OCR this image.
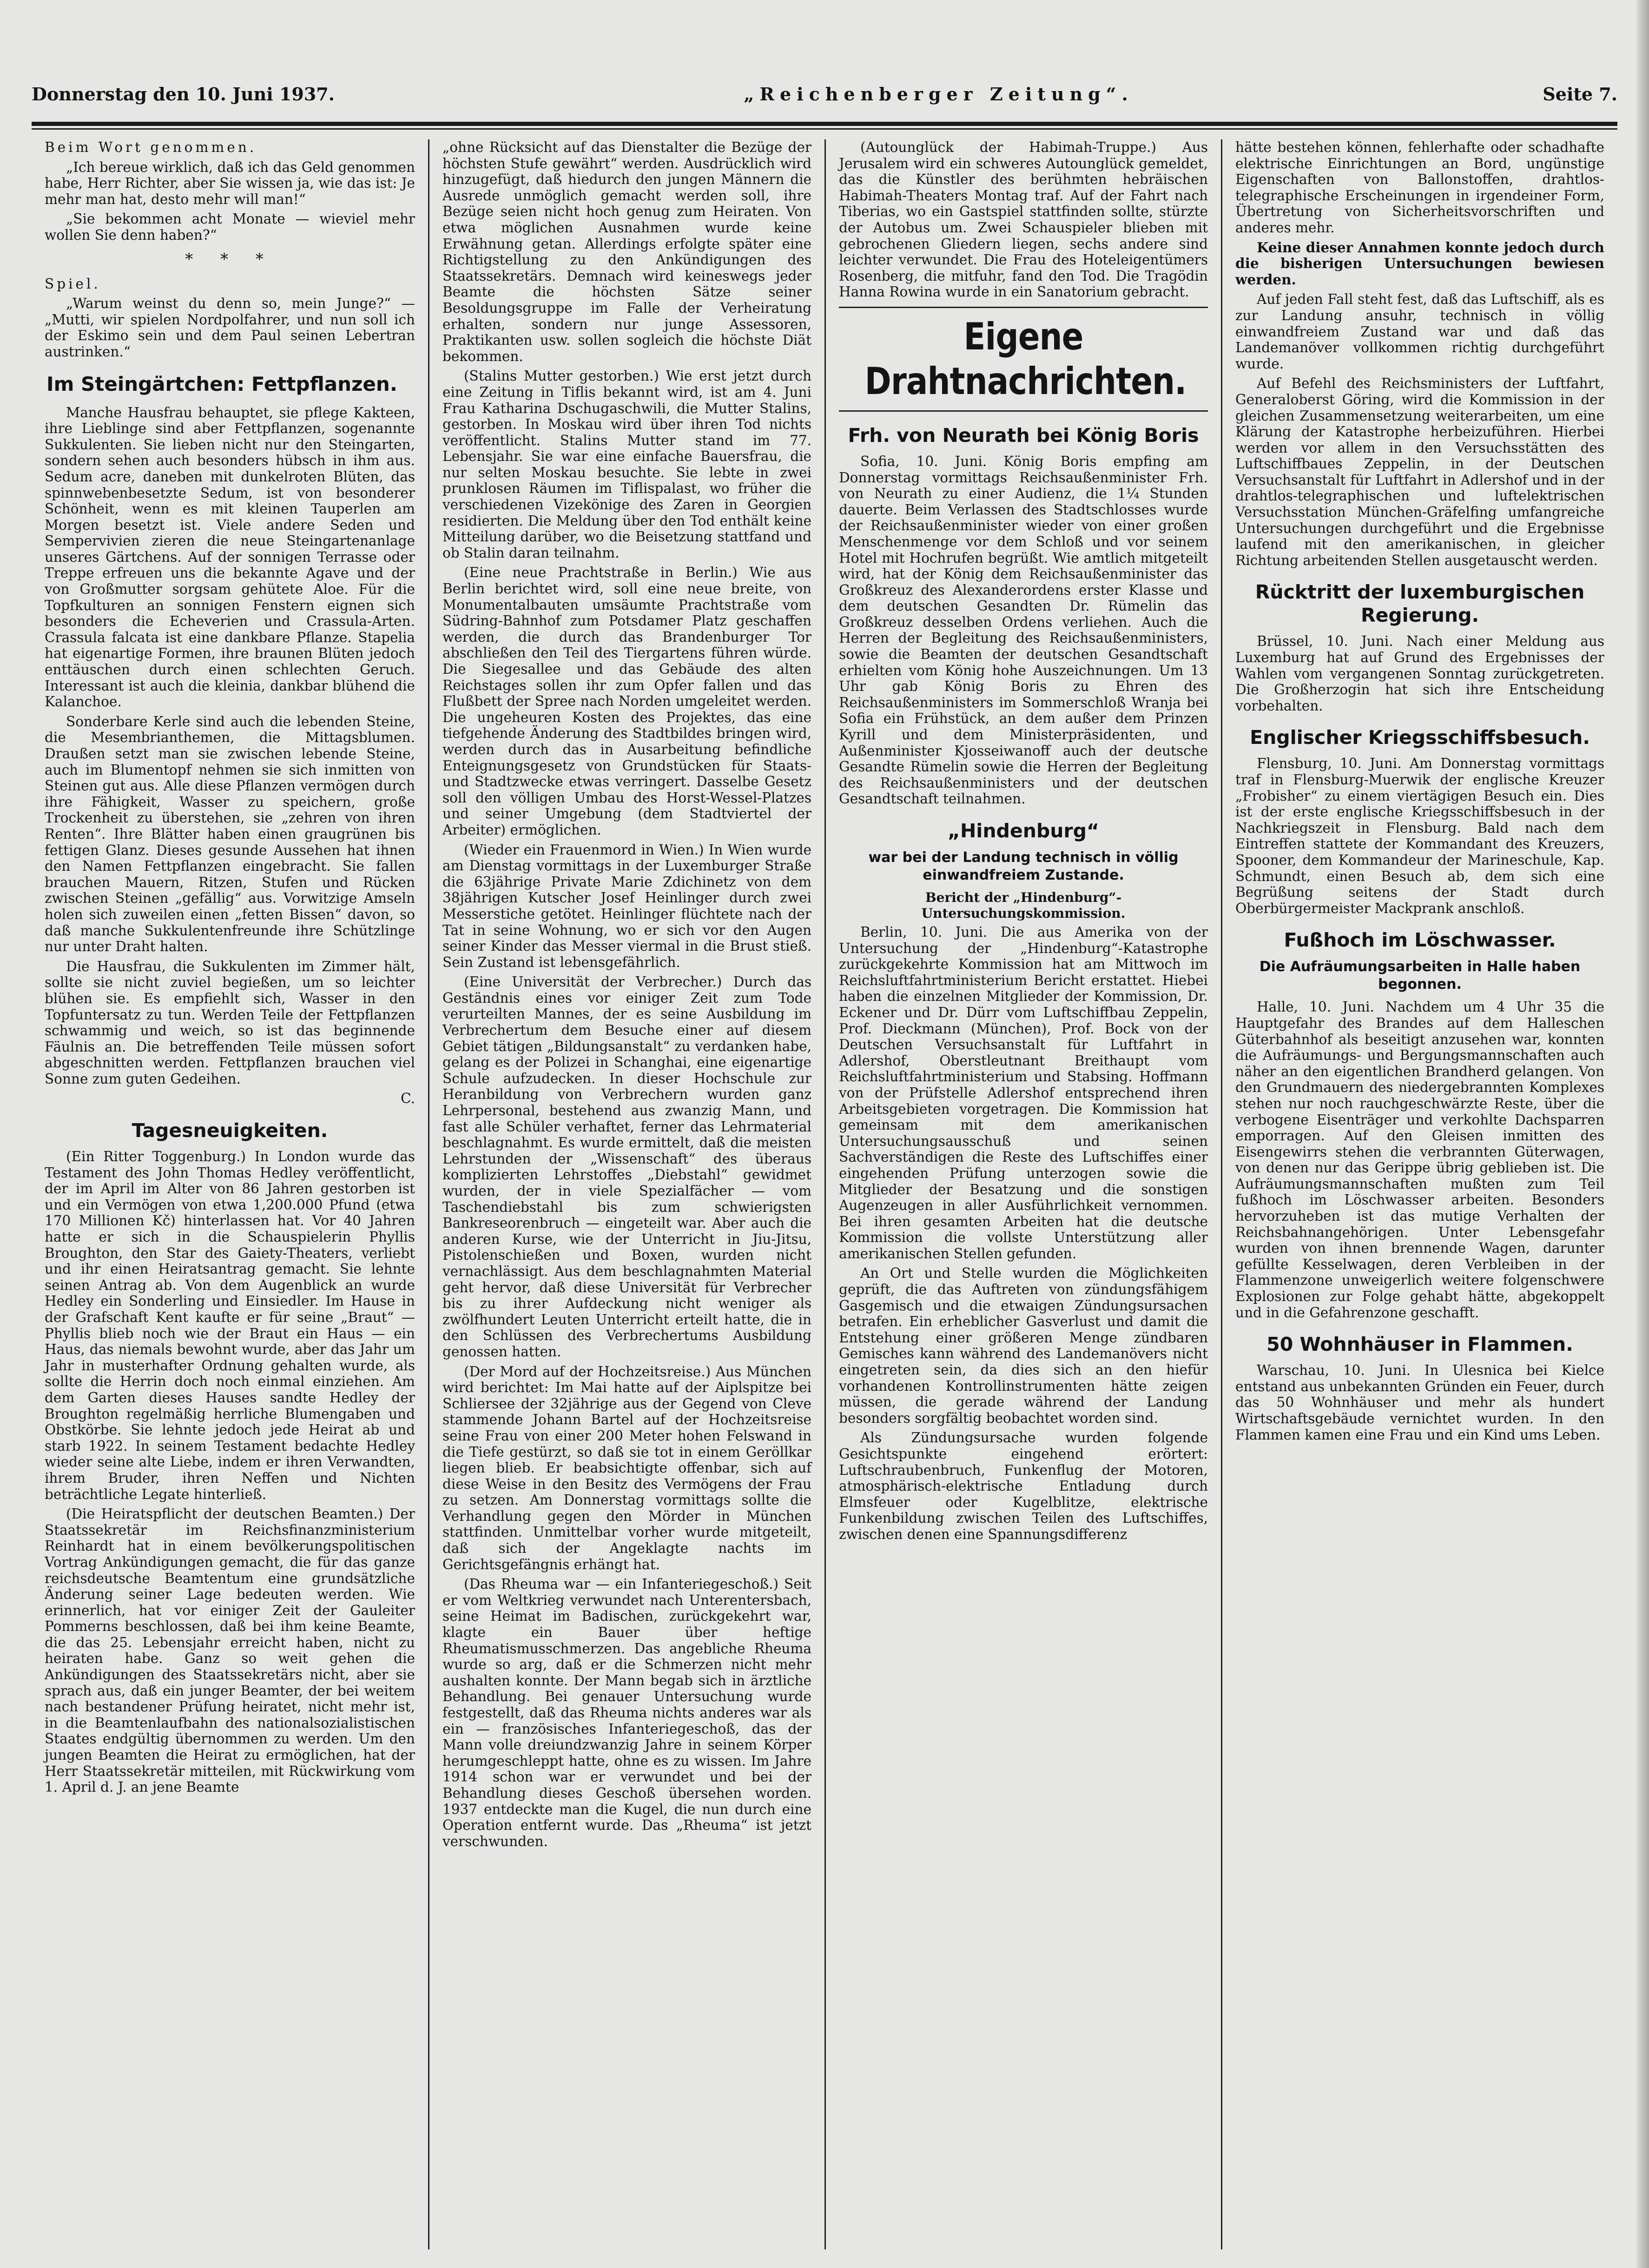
Donnerstag den 10. Juni 1937.	„Reichenberger Zeitung“.	Seite 7.

Beim Wort genommen.

„Ich bereue wirklich, daß ich das Geld genommen habe, Herr Richter, aber Sie wissen ja, wie das ist: Je mehr man hat, desto mehr will man!“

„Sie bekommen acht Monate — wieviel mehr wollen Sie denn haben?“

* * *

Spiel.

„Warum weinst du denn so, mein Junge?“ — „Mutti, wir spielen Nordpolfahrer, und nun soll ich der Eskimo sein und dem Paul seinen Lebertran austrinken.“

Im Steingärtchen: Fettpflanzen.

Manche Hausfrau behauptet, sie pflege Kakteen, ihre Lieblinge sind aber Fettpflanzen, sogenannte Sukkulenten. Sie lieben nicht nur den Steingarten, sondern sehen auch besonders hübsch in ihm aus. Sedum acre, daneben mit dunkelroten Blüten, das spinnwebenbesetzte Sedum, ist von besonderer Schönheit, wenn es mit kleinen Tauperlen am Morgen besetzt ist. Viele andere Seden und Sempervivien zieren die neue Steingartenanlage unseres Gärtchens. Auf der sonnigen Terrasse oder Treppe erfreuen uns die bekannte Agave und der von Großmutter sorgsam gehütete Aloe. Für die Topfkulturen an sonnigen Fenstern eignen sich besonders die Echeverien und Crassula-Arten. Crassula falcata ist eine dankbare Pflanze. Stapelia hat eigenartige Formen, ihre braunen Blüten jedoch enttäuschen durch einen schlechten Geruch. Interessant ist auch die kleinia, dankbar blühend die Kalanchoe.

Sonderbare Kerle sind auch die lebenden Steine, die Mesembrianthemen, die Mittagsblumen. Draußen setzt man sie zwischen lebende Steine, auch im Blumentopf nehmen sie sich inmitten von Steinen gut aus. Alle diese Pflanzen vermögen durch ihre Fähigkeit, Wasser zu speichern, große Trockenheit zu überstehen, sie „zehren von ihren Renten“. Ihre Blätter haben einen graugrünen bis fettigen Glanz. Dieses gesunde Aussehen hat ihnen den Namen Fettpflanzen eingebracht. Sie fallen brauchen Mauern, Ritzen, Stufen und Rücken zwischen Steinen „gefällig“ aus. Vorwitzige Amseln holen sich zuweilen einen „fetten Bissen“ davon, so daß manche Sukkulentenfreunde ihre Schützlinge nur unter Draht halten.

Die Hausfrau, die Sukkulenten im Zimmer hält, sollte sie nicht zuviel begießen, um so leichter blühen sie. Es empfiehlt sich, Wasser in den Topfuntersatz zu tun. Werden Teile der Fettpflanzen schwammig und weich, so ist das beginnende Fäulnis an. Die betreffenden Teile müssen sofort abgeschnitten werden. Fettpflanzen brauchen viel Sonne zum guten Gedeihen.

C.

Tagesneuigkeiten.

(Ein Ritter Toggenburg.) In London wurde das Testament des John Thomas Hedley veröffentlicht, der im April im Alter von 86 Jahren gestorben ist und ein Vermögen von etwa 1,200.000 Pfund (etwa 170 Millionen Kč) hinterlassen hat. Vor 40 Jahren hatte er sich in die Schauspielerin Phyllis Broughton, den Star des Gaiety-Theaters, verliebt und ihr einen Heiratsantrag gemacht. Sie lehnte seinen Antrag ab. Von dem Augenblick an wurde Hedley ein Sonderling und Einsiedler. Im Hause in der Grafschaft Kent kaufte er für seine „Braut“ — Phyllis blieb noch wie der Braut ein Haus — ein Haus, das niemals bewohnt wurde, aber das Jahr um Jahr in musterhafter Ordnung gehalten wurde, als sollte die Herrin doch noch einmal einziehen. Am dem Garten dieses Hauses sandte Hedley der Broughton regelmäßig herrliche Blumengaben und Obstkörbe. Sie lehnte jedoch jede Heirat ab und starb 1922. In seinem Testament bedachte Hedley wieder seine alte Liebe, indem er ihren Verwandten, ihrem Bruder, ihren Neffen und Nichten beträchtliche Legate hinterließ.

(Die Heiratspflicht der deutschen Beamten.) Der Staatssekretär im Reichsfinanzministerium Reinhardt hat in einem bevölkerungspolitischen Vortrag Ankündigungen gemacht, die für das ganze reichsdeutsche Beamtentum eine grundsätzliche Änderung seiner Lage bedeuten werden. Wie erinnerlich, hat vor einiger Zeit der Gauleiter Pommerns beschlossen, daß bei ihm keine Beamte, die das 25. Lebensjahr erreicht haben, nicht zu heiraten habe. Ganz so weit gehen die Ankündigungen des Staatssekretärs nicht, aber sie sprach aus, daß ein junger Beamter, der bei weitem nach bestandener Prüfung heiratet, nicht mehr ist, in die Beamtenlaufbahn des nationalsozialistischen Staates endgültig übernommen zu werden. Um den jungen Beamten die Heirat zu ermöglichen, hat der Herr Staatssekretär mitteilen, mit Rückwirkung vom 1. April d. J. an jene Beamte

„ohne Rücksicht auf das Dienstalter die Bezüge der höchsten Stufe gewährt“ werden. Ausdrücklich wird hinzugefügt, daß hiedurch den jungen Männern die Ausrede unmöglich gemacht werden soll, ihre Bezüge seien nicht hoch genug zum Heiraten. Von etwa möglichen Ausnahmen wurde keine Erwähnung getan. Allerdings erfolgte später eine Richtigstellung zu den Ankündigungen des Staatssekretärs. Demnach wird keineswegs jeder Beamte die höchsten Sätze seiner Besoldungsgruppe im Falle der Verheiratung erhalten, sondern nur junge Assessoren, Praktikanten usw. sollen sogleich die höchste Diät bekommen.

(Stalins Mutter gestorben.) Wie erst jetzt durch eine Zeitung in Tiflis bekannt wird, ist am 4. Juni Frau Katharina Dschugaschwili, die Mutter Stalins, gestorben. In Moskau wird über ihren Tod nichts veröffentlicht. Stalins Mutter stand im 77. Lebensjahr. Sie war eine einfache Bauersfrau, die nur selten Moskau besuchte. Sie lebte in zwei prunklosen Räumen im Tiflispalast, wo früher die verschiedenen Vizekönige des Zaren in Georgien residierten. Die Meldung über den Tod enthält keine Mitteilung darüber, wo die Beisetzung stattfand und ob Stalin daran teilnahm.

(Eine neue Prachtstraße in Berlin.) Wie aus Berlin berichtet wird, soll eine neue breite, von Monumentalbauten umsäumte Prachtstraße vom Südring-Bahnhof zum Potsdamer Platz geschaffen werden, die durch das Brandenburger Tor abschließen den Teil des Tiergartens führen würde. Die Siegesallee und das Gebäude des alten Reichstages sollen ihr zum Opfer fallen und das Flußbett der Spree nach Norden umgeleitet werden. Die ungeheuren Kosten des Projektes, das eine tiefgehende Änderung des Stadtbildes bringen wird, werden durch das in Ausarbeitung befindliche Enteignungsgesetz von Grundstücken für Staats- und Stadtzwecke etwas verringert. Dasselbe Gesetz soll den völligen Umbau des Horst-Wessel-Platzes und seiner Umgebung (dem Stadtviertel der Arbeiter) ermöglichen.

(Wieder ein Frauenmord in Wien.) In Wien wurde am Dienstag vormittags in der Luxemburger Straße die 63jährige Private Marie Zdichinetz von dem 38jährigen Kutscher Josef Heinlinger durch zwei Messerstiche getötet. Heinlinger flüchtete nach der Tat in seine Wohnung, wo er sich vor den Augen seiner Kinder das Messer viermal in die Brust stieß. Sein Zustand ist lebensgefährlich.

(Eine Universität der Verbrecher.) Durch das Geständnis eines vor einiger Zeit zum Tode verurteilten Mannes, der es seine Ausbildung im Verbrechertum dem Besuche einer auf diesem Gebiet tätigen „Bildungsanstalt“ zu verdanken habe, gelang es der Polizei in Schanghai, eine eigenartige Schule aufzudecken. In dieser Hochschule zur Heranbildung von Verbrechern wurden ganz Lehrpersonal, bestehend aus zwanzig Mann, und fast alle Schüler verhaftet, ferner das Lehrmaterial beschlagnahmt. Es wurde ermittelt, daß die meisten Lehrstunden der „Wissenschaft“ des überaus komplizierten Lehrstoffes „Diebstahl“ gewidmet wurden, der in viele Spezialfächer — vom Taschendiebstahl bis zum schwierigsten Bankreseorenbruch — eingeteilt war. Aber auch die anderen Kurse, wie der Unterricht in Jiu-Jitsu, Pistolenschießen und Boxen, wurden nicht vernachlässigt. Aus dem beschlagnahmten Material geht hervor, daß diese Universität für Verbrecher bis zu ihrer Aufdeckung nicht weniger als zwölfhundert Leuten Unterricht erteilt hatte, die in den Schlüssen des Verbrechertums Ausbildung genossen hatten.

(Der Mord auf der Hochzeitsreise.) Aus München wird berichtet: Im Mai hatte auf der Aiplspitze bei Schliersee der 32jährige aus der Gegend von Cleve stammende Johann Bartel auf der Hochzeitsreise seine Frau von einer 200 Meter hohen Felswand in die Tiefe gestürzt, so daß sie tot in einem Geröllkar liegen blieb. Er beabsichtigte offenbar, sich auf diese Weise in den Besitz des Vermögens der Frau zu setzen. Am Donnerstag vormittags sollte die Verhandlung gegen den Mörder in München stattfinden. Unmittelbar vorher wurde mitgeteilt, daß sich der Angeklagte nachts im Gerichtsgefängnis erhängt hat.

(Das Rheuma war — ein Infanteriegeschoß.) Seit er vom Weltkrieg verwundet nach Unterentersbach, seine Heimat im Badischen, zurückgekehrt war, klagte ein Bauer über heftige Rheumatismusschmerzen. Das angebliche Rheuma wurde so arg, daß er die Schmerzen nicht mehr aushalten konnte. Der Mann begab sich in ärztliche Behandlung. Bei genauer Untersuchung wurde festgestellt, daß das Rheuma nichts anderes war als ein — französisches Infanteriegeschoß, das der Mann volle dreiundzwanzig Jahre in seinem Körper herumgeschleppt hatte, ohne es zu wissen. Im Jahre 1914 schon war er verwundet und bei der Behandlung dieses Geschoß übersehen worden. 1937 entdeckte man die Kugel, die nun durch eine Operation entfernt wurde. Das „Rheuma“ ist jetzt verschwunden.

(Autounglück der Habimah-Truppe.) Aus Jerusalem wird ein schweres Autounglück gemeldet, das die Künstler des berühmten hebräischen Habimah-Theaters Montag traf. Auf der Fahrt nach Tiberias, wo ein Gastspiel stattfinden sollte, stürzte der Autobus um. Zwei Schauspieler blieben mit gebrochenen Gliedern liegen, sechs andere sind leichter verwundet. Die Frau des Hoteleigentümers Rosenberg, die mitfuhr, fand den Tod. Die Tragödin Hanna Rowina wurde in ein Sanatorium gebracht.

Eigene Drahtnachrichten.
Frh. von Neurath bei König Boris

Sofia, 10. Juni. König Boris empfing am Donnerstag vormittags Reichsaußenminister Frh. von Neurath zu einer Audienz, die 1¼ Stunden dauerte. Beim Verlassen des Stadtschlosses wurde der Reichsaußenminister wieder von einer großen Menschenmenge vor dem Schloß und vor seinem Hotel mit Hochrufen begrüßt. Wie amtlich mitgeteilt wird, hat der König dem Reichsaußenminister das Großkreuz des Alexanderordens erster Klasse und dem deutschen Gesandten Dr. Rümelin das Großkreuz desselben Ordens verliehen. Auch die Herren der Begleitung des Reichsaußenministers, sowie die Beamten der deutschen Gesandtschaft erhielten vom König hohe Auszeichnungen. Um 13 Uhr gab König Boris zu Ehren des Reichsaußenministers im Sommerschloß Wranja bei Sofia ein Frühstück, an dem außer dem Prinzen Kyrill und dem Ministerpräsidenten, und Außenminister Kjosseiwanoff auch der deutsche Gesandte Rümelin sowie die Herren der Begleitung des Reichsaußenministers und der deutschen Gesandtschaft teilnahmen.

„Hindenburg“
war bei der Landung technisch in völlig einwandfreiem Zustande.
Bericht der „Hindenburg“-Untersuchungskommission.

Berlin, 10. Juni. Die aus Amerika von der Untersuchung der „Hindenburg“-Katastrophe zurückgekehrte Kommission hat am Mittwoch im Reichsluftfahrtministerium Bericht erstattet. Hiebei haben die einzelnen Mitglieder der Kommission, Dr. Eckener und Dr. Dürr vom Luftschiffbau Zeppelin, Prof. Dieckmann (München), Prof. Bock von der Deutschen Versuchsanstalt für Luftfahrt in Adlershof, Oberstleutnant Breithaupt vom Reichsluftfahrtministerium und Stabsing. Hoffmann von der Prüfstelle Adlershof entsprechend ihren Arbeitsgebieten vorgetragen. Die Kommission hat gemeinsam mit dem amerikanischen Untersuchungsausschuß und seinen Sachverständigen die Reste des Luftschiffes einer eingehenden Prüfung unterzogen sowie die Mitglieder der Besatzung und die sonstigen Augenzeugen in aller Ausführlichkeit vernommen. Bei ihren gesamten Arbeiten hat die deutsche Kommission die vollste Unterstützung aller amerikanischen Stellen gefunden.

An Ort und Stelle wurden die Möglichkeiten geprüft, die das Auftreten von zündungsfähigem Gasgemisch und die etwaigen Zündungsursachen betrafen. Ein erheblicher Gasverlust und damit die Entstehung einer größeren Menge zündbaren Gemisches kann während des Landemanövers nicht eingetreten sein, da dies sich an den hiefür vorhandenen Kontrollinstrumenten hätte zeigen müssen, die gerade während der Landung besonders sorgfältig beobachtet worden sind.

Als Zündungsursache wurden folgende Gesichtspunkte eingehend erörtert: Luftschraubenbruch, Funkenflug der Motoren, atmosphärisch-elektrische Entladung durch Elmsfeuer oder Kugelblitze, elektrische Funkenbildung zwischen Teilen des Luftschiffes, zwischen denen eine Spannungsdifferenz

hätte bestehen können, fehlerhafte oder schadhafte elektrische Einrichtungen an Bord, ungünstige Eigenschaften von Ballonstoffen, drahtlos-telegraphische Erscheinungen in irgendeiner Form, Übertretung von Sicherheitsvorschriften und anderes mehr.

Keine dieser Annahmen konnte jedoch durch die bisherigen Untersuchungen bewiesen werden.

Auf jeden Fall steht fest, daß das Luftschiff, als es zur Landung ansuhr, technisch in völlig einwandfreiem Zustand war und daß das Landemanöver vollkommen richtig durchgeführt wurde.

Auf Befehl des Reichsministers der Luftfahrt, Generaloberst Göring, wird die Kommission in der gleichen Zusammensetzung weiterarbeiten, um eine Klärung der Katastrophe herbeizuführen. Hierbei werden vor allem in den Versuchsstätten des Luftschiffbaues Zeppelin, in der Deutschen Versuchsanstalt für Luftfahrt in Adlershof und in der drahtlos-telegraphischen und luftelektrischen Versuchsstation München-Gräfelfing umfangreiche Untersuchungen durchgeführt und die Ergebnisse laufend mit den amerikanischen, in gleicher Richtung arbeitenden Stellen ausgetauscht werden.

Rücktritt der luxemburgischen Regierung.

Brüssel, 10. Juni. Nach einer Meldung aus Luxemburg hat auf Grund des Ergebnisses der Wahlen vom vergangenen Sonntag zurückgetreten. Die Großherzogin hat sich ihre Entscheidung vorbehalten.

Englischer Kriegsschiffsbesuch.

Flensburg, 10. Juni. Am Donnerstag vormittags traf in Flensburg-Muerwik der englische Kreuzer „Frobisher“ zu einem viertägigen Besuch ein. Dies ist der erste englische Kriegsschiffsbesuch in der Nachkriegszeit in Flensburg. Bald nach dem Eintreffen stattete der Kommandant des Kreuzers, Spooner, dem Kommandeur der Marineschule, Kap. Schmundt, einen Besuch ab, dem sich eine Begrüßung seitens der Stadt durch Oberbürgermeister Mackprank anschloß.

Fußhoch im Löschwasser.
Die Aufräumungsarbeiten in Halle haben begonnen.

Halle, 10. Juni. Nachdem um 4 Uhr 35 die Hauptgefahr des Brandes auf dem Halleschen Güterbahnhof als beseitigt anzusehen war, konnten die Aufräumungs- und Bergungsmannschaften auch näher an den eigentlichen Brandherd gelangen. Von den Grundmauern des niedergebrannten Komplexes stehen nur noch rauchgeschwärzte Reste, über die verbogene Eisenträger und verkohlte Dachsparren emporragen. Auf den Gleisen inmitten des Eisengewirrs stehen die verbrannten Güterwagen, von denen nur das Gerippe übrig geblieben ist. Die Aufräumungsmannschaften mußten zum Teil fußhoch im Löschwasser arbeiten. Besonders hervorzuheben ist das mutige Verhalten der Reichsbahnangehörigen. Unter Lebensgefahr wurden von ihnen brennende Wagen, darunter gefüllte Kesselwagen, deren Verbleiben in der Flammenzone unweigerlich weitere folgenschwere Explosionen zur Folge gehabt hätte, abgekoppelt und in die Gefahrenzone geschafft.

50 Wohnhäuser in Flammen.

Warschau, 10. Juni. In Ulesnica bei Kielce entstand aus unbekannten Gründen ein Feuer, durch das 50 Wohnhäuser und mehr als hundert Wirtschaftsgebäude vernichtet wurden. In den Flammen kamen eine Frau und ein Kind ums Leben.
